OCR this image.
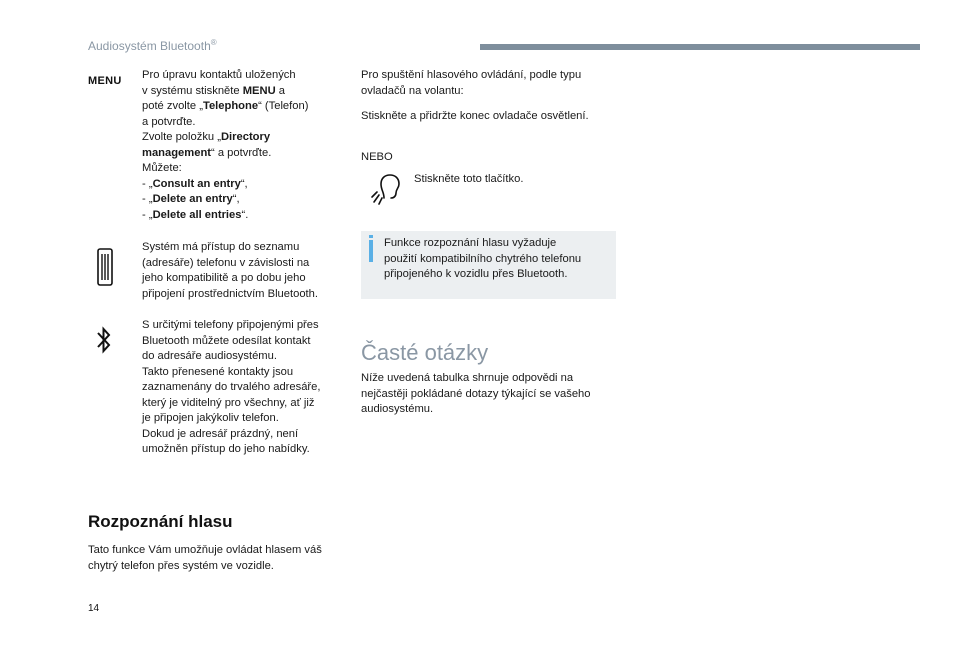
Audiosystém Bluetooth®
MENU Pro úpravu kontaktů uložených
v systému stiskněte MENU a
poté zvolte „Telephone“ (Telefon)
a potvrďte.
Zvolte položku „Directory
management“ a potvrďte.
Můžete:
- „Consult an entry“,
- „Delete an entry“,
- „Delete all entries“.
Systém má přístup do seznamu
(adresáře) telefonu v závislosti na
jeho kompatibilitě a po dobu jeho
připojení prostřednictvím Bluetooth.
S určitými telefony připojenými přes
Bluetooth můžete odesílat kontakt
do adresáře audiosystému.
Takto přenesené kontakty jsou
zaznamenány do trvalého adresáře,
který je viditelný pro všechny, ať již
je připojen jakýkoliv telefon.
Dokud je adresář prázdný, není
umožněn přístup do jeho nabídky.
Rozpoznání hlasu
Tato funkce Vám umožňuje ovládat hlasem váš
chytrý telefon přes systém ve vozidle.
Pro spuštění hlasového ovládání, podle typu
ovladačů na volantu:
Stiskněte a přidržte konec ovladače osvětlení.
NEBO
Stiskněte toto tlačítko.
Funkce rozpoznání hlasu vyžaduje
použití kompatibilního chytrého telefonu
připojeného k vozidlu přes Bluetooth.
Časté otázky
Níže uvedená tabulka shrnuje odpovědi na
nejčastěji pokládané dotazy týkající se vašeho
audiosystému.
14
